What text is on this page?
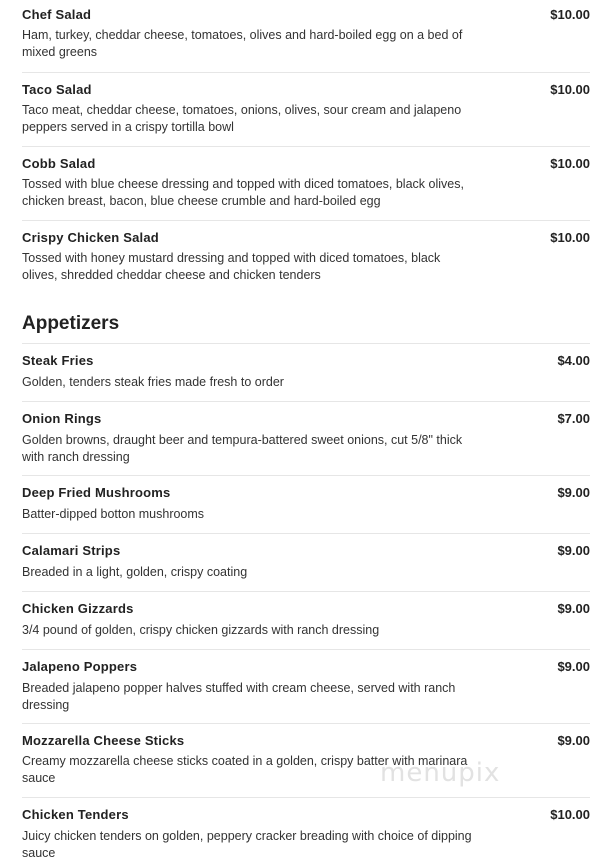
Chef Salad	$10.00
Ham, turkey, cheddar cheese, tomatoes, olives and hard-boiled egg on a bed of mixed greens
Taco Salad	$10.00
Taco meat, cheddar cheese, tomatoes, onions, olives, sour cream and jalapeno peppers served in a crispy tortilla bowl
Cobb Salad	$10.00
Tossed with blue cheese dressing and topped with diced tomatoes, black olives, chicken breast, bacon, blue cheese crumble and hard-boiled egg
Crispy Chicken Salad	$10.00
Tossed with honey mustard dressing and topped with diced tomatoes, black olives, shredded cheddar cheese and chicken tenders
Appetizers
Steak Fries	$4.00
Golden, tenders steak fries made fresh to order
Onion Rings	$7.00
Golden browns, draught beer and tempura-battered sweet onions, cut 5/8" thick with ranch dressing
Deep Fried Mushrooms	$9.00
Batter-dipped botton mushrooms
Calamari Strips	$9.00
Breaded in a light, golden, crispy coating
Chicken Gizzards	$9.00
3/4 pound of golden, crispy chicken gizzards with ranch dressing
Jalapeno Poppers	$9.00
Breaded jalapeno popper halves stuffed with cream cheese, served with ranch dressing
Mozzarella Cheese Sticks	$9.00
Creamy mozzarella cheese sticks coated in a golden, crispy batter with marinara sauce
Chicken Tenders	$10.00
Juicy chicken tenders on golden, peppery cracker breading with choice of dipping sauce
menupix
